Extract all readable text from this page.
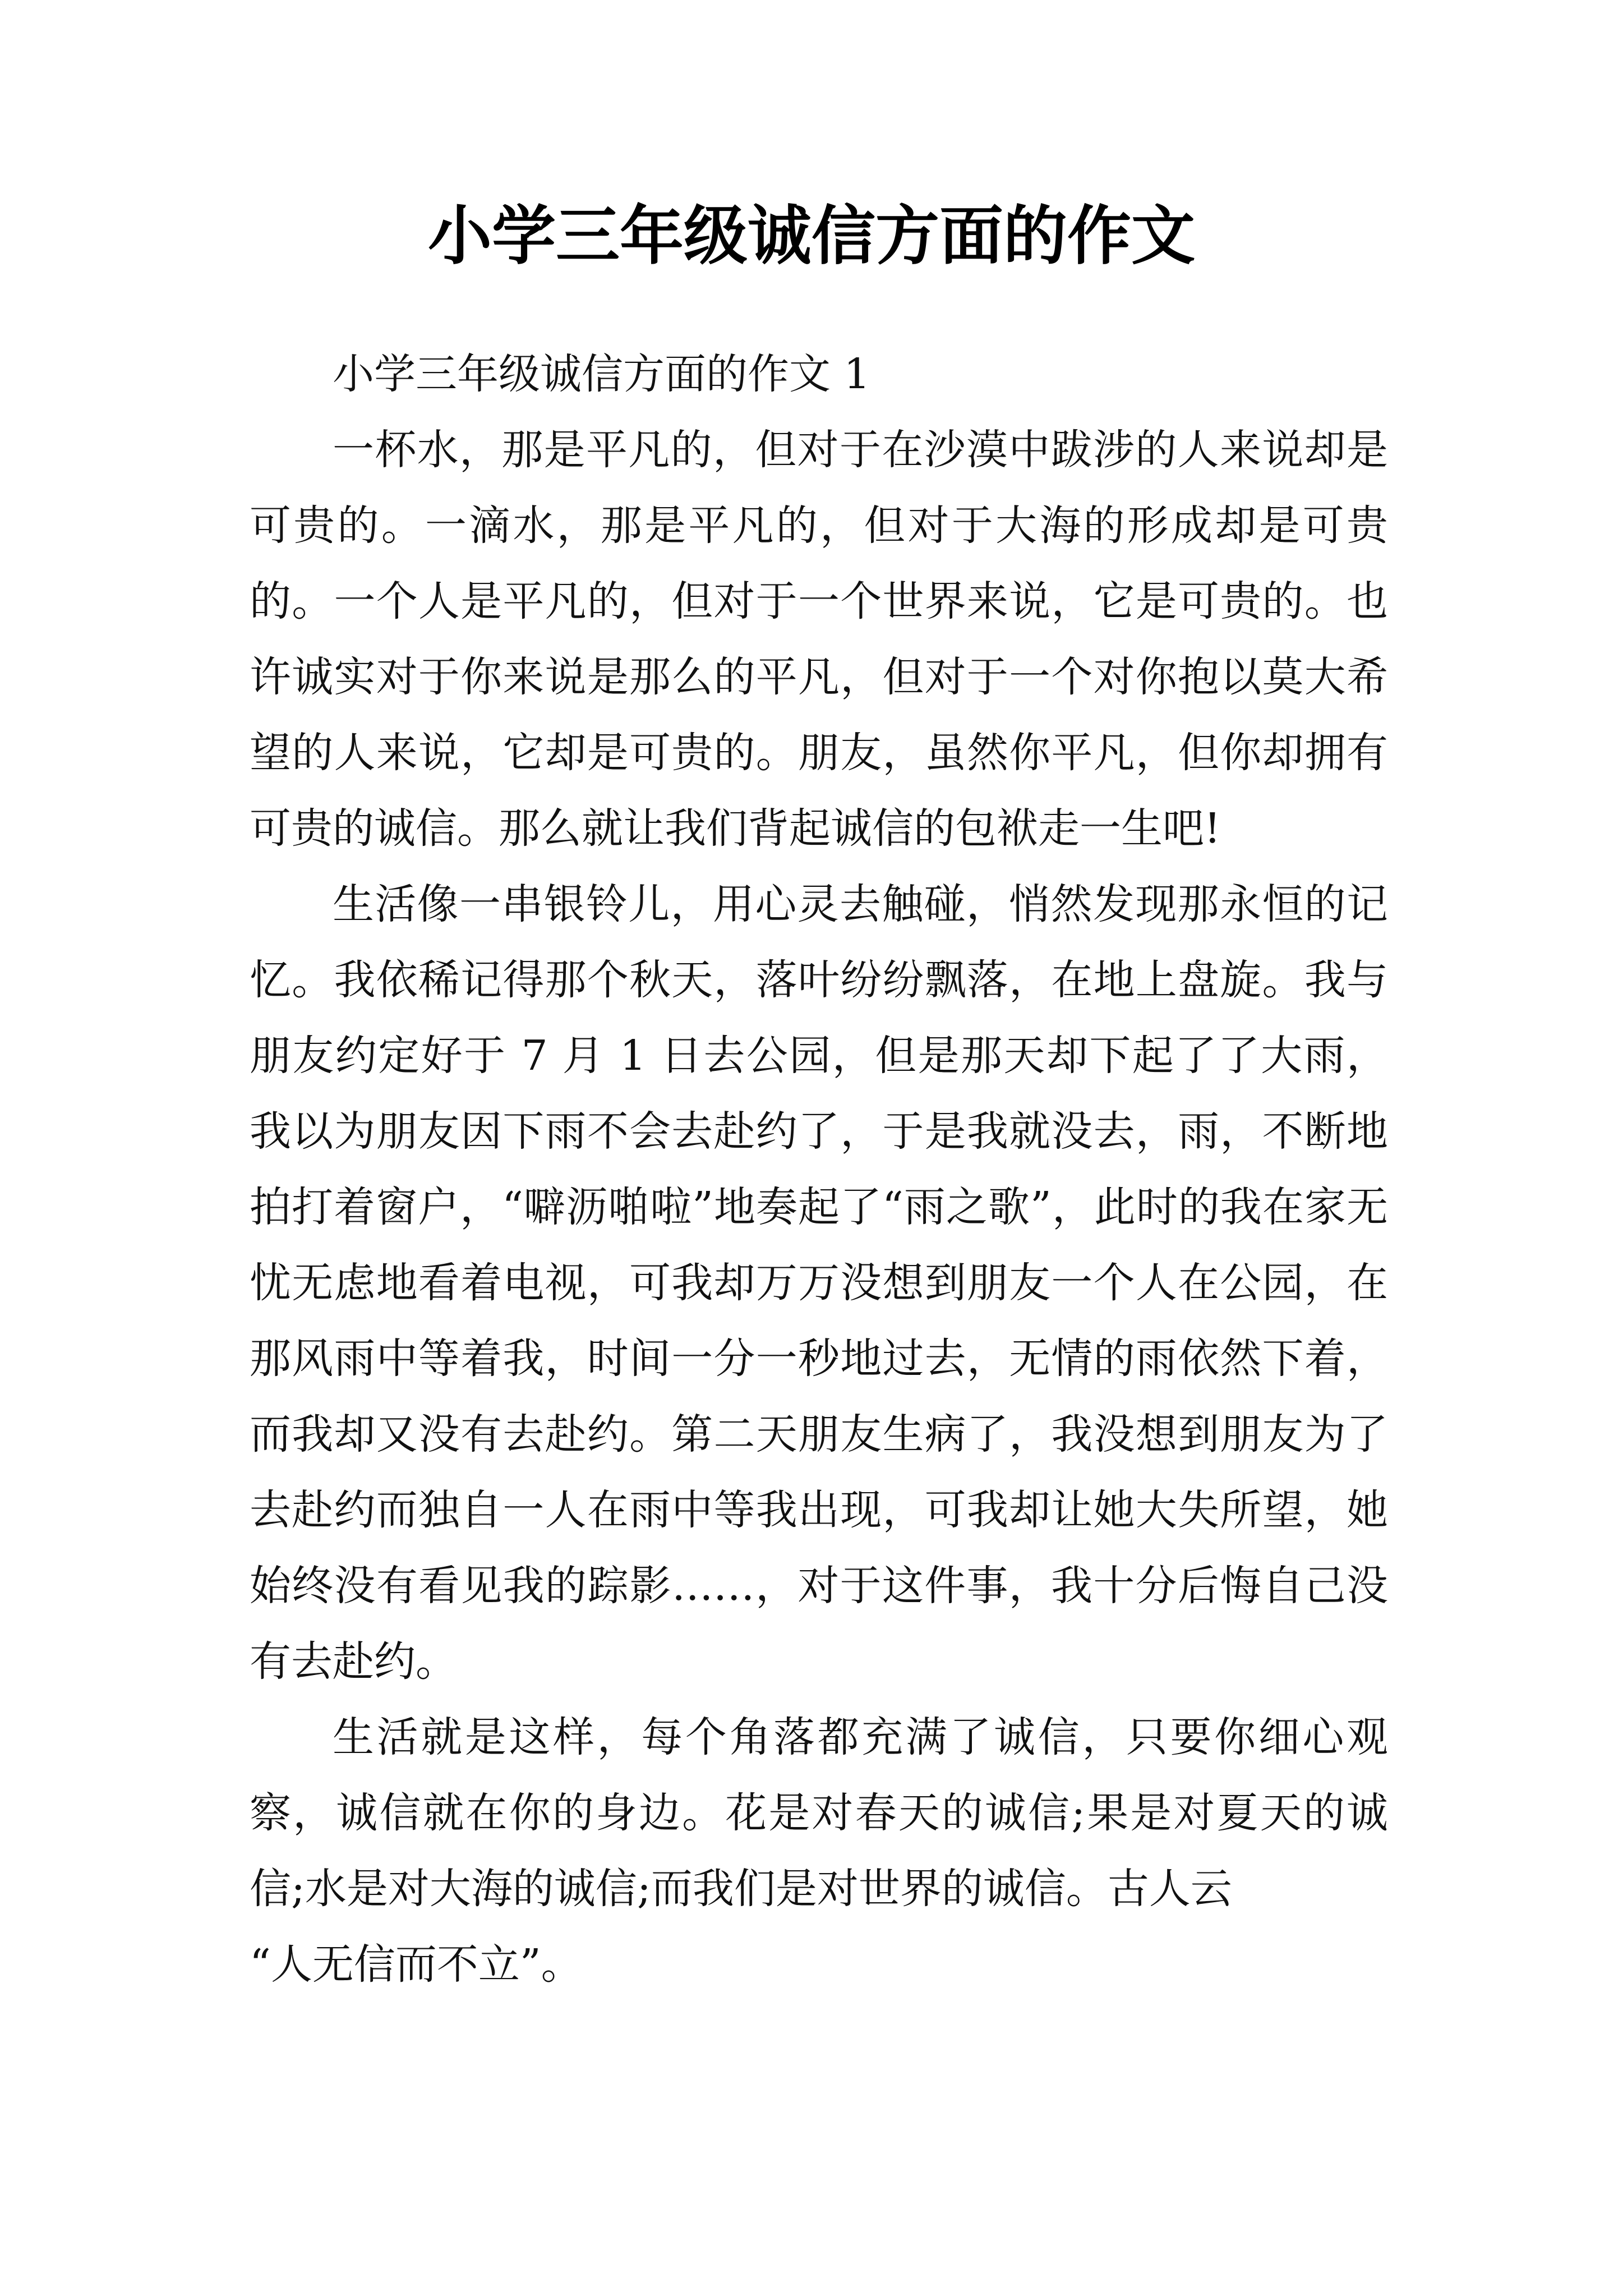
小学三年级诚信方面的作文

小学三年级诚信方面的作文 1

一杯水，那是平凡的，但对于在沙漠中跋涉的人来说却是可贵的。一滴水，那是平凡的，但对于大海的形成却是可贵的。一个人是平凡的，但对于一个世界来说，它是可贵的。也许诚实对于你来说是那么的平凡，但对于一个对你抱以莫大希望的人来说，它却是可贵的。朋友，虽然你平凡，但你却拥有可贵的诚信。那么就让我们背起诚信的包袱走一生吧!

生活像一串银铃儿，用心灵去触碰，悄然发现那永恒的记忆。我依稀记得那个秋天，落叶纷纷飘落，在地上盘旋。我与朋友约定好于 7 月 1 日去公园，但是那天却下起了了大雨，我以为朋友因下雨不会去赴约了，于是我就没去，雨，不断地拍打着窗户，“噼沥啪啦”地奏起了“雨之歌”，此时的我在家无忧无虑地看着电视，可我却万万没想到朋友一个人在公园，在那风雨中等着我，时间一分一秒地过去，无情的雨依然下着，而我却又没有去赴约。第二天朋友生病了，我没想到朋友为了去赴约而独自一人在雨中等我出现，可我却让她大失所望，她始终没有看见我的踪影……，对于这件事，我十分后悔自己没有去赴约。

生活就是这样，每个角落都充满了诚信，只要你细心观察，诚信就在你的身边。花是对春天的诚信;果是对夏天的诚信;水是对大海的诚信;而我们是对世界的诚信。古人云

“人无信而不立”。
